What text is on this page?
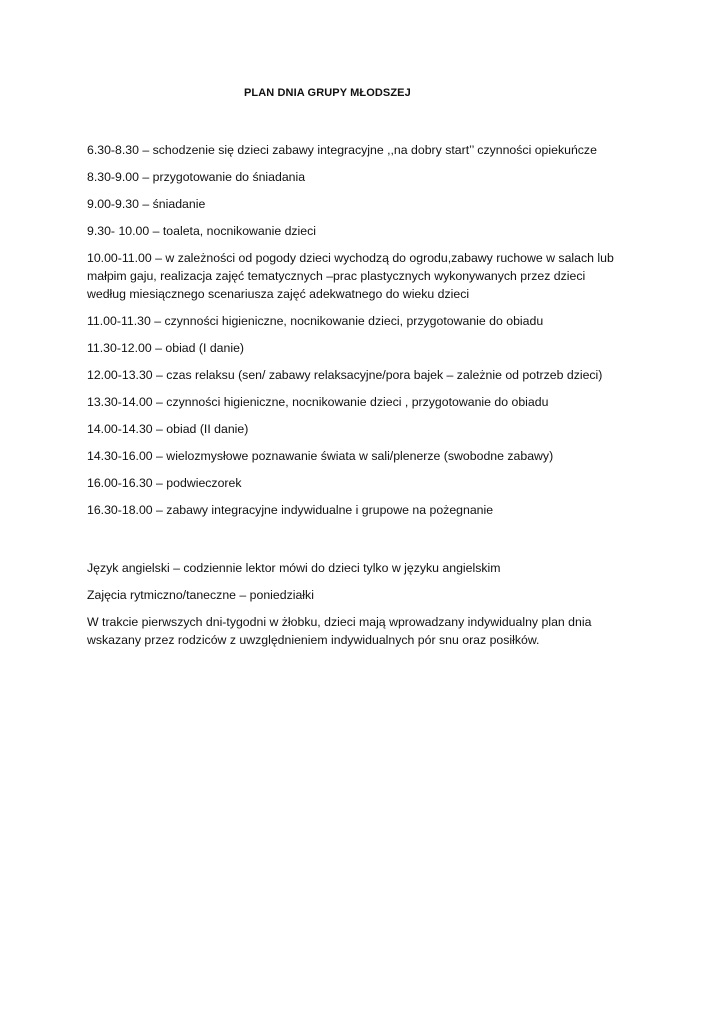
PLAN DNIA GRUPY MŁODSZEJ
6.30-8.30 – schodzenie się dzieci zabawy integracyjne ,,na dobry start’’ czynności opiekuńcze
8.30-9.00 – przygotowanie do śniadania
9.00-9.30 – śniadanie
9.30- 10.00 – toaleta, nocnikowanie dzieci
10.00-11.00 – w zależności od pogody dzieci wychodzą do ogrodu,zabawy ruchowe w salach lub małpim gaju, realizacja zajęć tematycznych –prac plastycznych wykonywanych przez dzieci według miesiącznego scenariusza zajęć adekwatnego do wieku dzieci
11.00-11.30 – czynności higieniczne, nocnikowanie dzieci, przygotowanie do obiadu
11.30-12.00 – obiad (I danie)
12.00-13.30 – czas relaksu (sen/ zabawy relaksacyjne/pora bajek – zależnie od potrzeb dzieci)
13.30-14.00 – czynności higieniczne, nocnikowanie dzieci , przygotowanie do obiadu
14.00-14.30 – obiad (II danie)
14.30-16.00 – wielozmysłowe poznawanie świata w sali/plenerze (swobodne zabawy)
16.00-16.30 – podwieczorek
16.30-18.00 – zabawy integracyjne indywidualne i grupowe na pożegnanie

Język angielski – codziennie lektor mówi do dzieci tylko w języku angielskim

Zajęcia rytmiczno/taneczne – poniedziałki

W trakcie pierwszych dni-tygodni w żłobku, dzieci mają wprowadzany indywidualny plan dnia wskazany przez rodziców z uwzględnieniem indywidualnych pór snu oraz posiłków.
